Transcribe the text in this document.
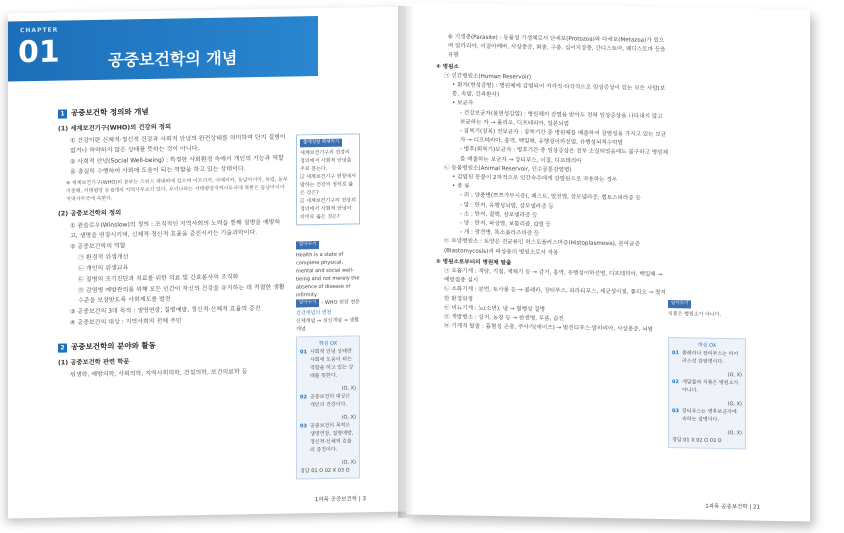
CHAPTER
01	공중보건학의 개념
1 공중보건학 정의와 개념
(1) 세계보건기구(WHO)의 건강의 정의
① 건강이란 신체적·정신적 건강과 사회적 안녕의 완전상태를 의미하며 단지 질병이 없거나 허약하지 않은 상태를 뜻하는 것이 아니다.
② 사회적 안녕(Social Well-being) : 특정한 사회환경 속에서 개인의 기능과 역할을 충실히 수행하여 사회에 도움이 되는 역할을 하고 있는 상태이다.
※ 세계보건기구(WHO)의 본부는 스위스 제네바에 있으며 아프리카, 아메리카, 동남아시아, 유럽, 동부지중해, 서태평양 등 6개의 지역사무소가 있다. 우리나라는 서태평양지역사무국에 북한은 동남아시아지역사무국에 속한다.
(2) 공중보건학의 정의
① 윈슬로우(Winslow)의 정의 : 조직적인 지역사회의 노력을 통해 질병을 예방하고, 생명을 연장시키며, 신체적·정신적 효율을 증진시키는 기술과학이다.
② 공중보건학의 역할
㉠ 환경적 위생개선
㉡ 개인의 위생교육
㉢ 질병의 조기진단과 치료를 위한 의료 및 간호봉사의 조직화
㉣ 감염병 예방관리를 위해 모든 인간이 자신의 건강을 유지하는 데 적절한 생활수준을 보장받도록 사회제도를 발전
③ 공중보건의 3대 목적 : 생명연장, 질병예방, 정신적·신체적 효율의 증진
④ 공중보건의 대상 : 지역사회의 전체 주민
2 공중보건학의 분야와 활동
(1) 공중보건학 관련 학문
위생학, 예방의학, 사회의학, 지역사회의학, 건설의학, 보건의료학 등
출제경향 확체킥기
세계보건기구의 건강의 정의에서 사회적 안녕을 주로 묻는다.
☑ 세계보건기구 헌장에서 말하는 건강의 정의로 옳은 것은?
☑ 세계보건기구의 건강의 정의에서 사회적 안녕의 의미로 옳은 것은?
알아두기
Health is a state of complete physical, mental and social well-being and not merely the absence of disease or infirmity.
- WHO 헌장 전문
알아두기
건강개념의 변천
신체개념 → 심신개념 → 생활개념
핵심 OX
01 사회적 안녕 상태란 사회에 도움이 되는 역할을 하고 있는 상태를 뜻한다.
(O, X)
02 공중보건의 대상은 개인의 건강이다.
(O, X)
03 공중보건의 목적은 생명연장, 질병예방, 정신적·신체적 효율의 증진이다.
(O, X)
정답 01 O 02 X 03 O
1과목 공중보건학 | 3
⑥ 기생충(Parasite) : 동물성 기생체로서 단세포(Protozoa)와 다세포(Metazoa)가 있으며 말라리아, 이질아메바, 사상충증, 회충, 구충, 십이지장충, 간디스토마, 폐디스토마 등을 유발
④ 병원소
㉠ 인간병원소(Human Reservoir)
• 환자(현성감염) : 병원체에 감염되어 자각적·타각적으로 임상증상이 있는 모든 사람(보통, 속발, 간과환자)
• 보균자
- 건강보균자(불현성감염) : 병원체의 감염을 받아도 전혀 임상증상을 나타내지 않고 보균하는 자 → 폴리오, 디프테리아, 일본뇌염
- 잠복기(잠복) 전보균자 : 잠복기간 중 병원체를 배출하여 감염성을 가지고 있는 보균자 → 디프테리아, 홍역, 백일해, 유행성이하선염, 유행성뇌척수막염
- 병후(회복기)보균자 : 병후기간 중 임상증상은 전부 소실되었음에도 불구하고 병원체를 배출하는 보균자 → 장티푸스, 이질, 디프테리아
㉡ 동물병원소(Animal Reservoir, 인수공통감염병)
• 감염된 동물이 2차적으로 인간숙주에게 감염원으로 작용하는 경우
• 종 류
- 쥐 : 양충병(쯔쯔가무시증), 페스트, 발진열, 살모넬라증, 렙토스피라증 등
- 말 : 탄저, 유행성뇌염, 살모넬라증 등
- 소 : 탄저, 결핵, 살모넬라증 등
- 양 : 탄저, 파상열, 보툴리즘, Q열 등
- 개 : 광견병, 톡소플라즈마증 등
㉢ 토양병원소 : 토양은 진균류인 히스토플라스마증(Histoplasmosis), 분아균증(Blastomycosis)과 파상풍의 병원소로서 작용
⑤ 병원소로부터의 병원체 탈출
㉠ 호흡기계 : 객담, 기침, 재채기 등 → 감기, 홍역, 유행성이하선염, 디프테리아, 백일해 → 예방접종 실시
㉡ 소화기계 : 분변, 토사물 등 → 콜레라, 장티푸스, 파라티푸스, 세균성이질, 폴리오 → 철저한 환경위생
㉢ 비뇨기계 : 뇨(소변), 냉 → 혈행성 질병
㉣ 개방병소 : 상처, 농창 등 → 한센병, 무좀, 습진
㉤ 기계적 탈출 : 흡혈성 곤충, 주사기(에이즈) → 발진티푸스·말라리아, 사상충증, 뇌염
알아두기
식품은 병원소가 아니다.
핵심 OX
01 콜레라나 장티푸스는 바이러스성 감염병이다.
(O, X)
02 개달물과 식품은 병원소가 아니다.
(O, X)
03 장티푸스는 병후보균자에 속하는 질병이다.
(O, X)
정답 01 X 02 O 03 O
1과목 공중보건학 | 21
